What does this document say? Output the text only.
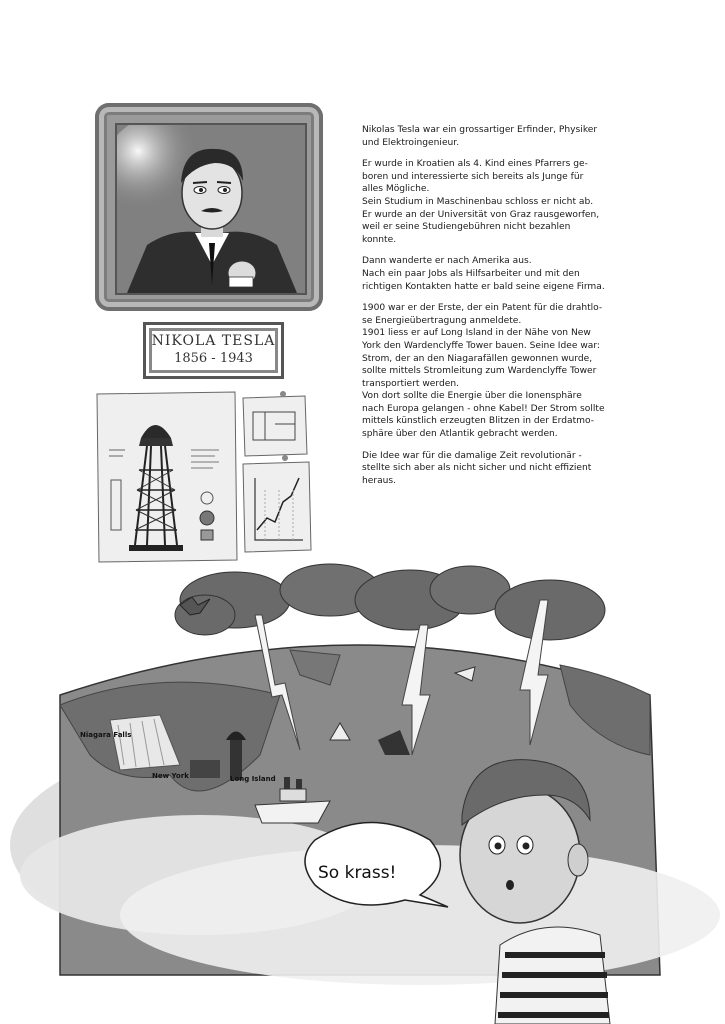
NIKOLA TESLA
1856 - 1943

Nikolas Tesla war ein grossartiger Erfinder, Physiker
und Elektroingenieur.

Er wurde in Kroatien als 4. Kind eines Pfarrers ge-
boren und interessierte sich bereits als Junge für
alles Mögliche.
Sein Studium in Maschinenbau schloss er nicht ab.
Er wurde an der Universität von Graz rausgeworfen,
weil er seine Studiengebühren nicht bezahlen
konnte.

Dann wanderte er nach Amerika aus.
Nach ein paar Jobs als Hilfsarbeiter und mit den
richtigen Kontakten hatte er bald seine eigene Firma.

1900 war er der Erste, der ein Patent für die drahtlo-
se Energieübertragung anmeldete.
1901 liess er auf Long Island in der Nähe von New
York den Wardenclyffe Tower bauen. Seine Idee war:
Strom, der an den Niagarafällen gewonnen wurde,
sollte mittels Stromleitung zum Wardenclyffe Tower
transportiert werden.
Von dort sollte die Energie über die Ionensphäre
nach Europa gelangen - ohne Kabel! Der Strom sollte
mittels künstlich erzeugten Blitzen in der Erdatmo-
sphäre über den Atlantik gebracht werden.

Die Idee war für die damalige Zeit revolutionär -
stellte sich aber als nicht sicher und nicht effizient
heraus.

Niagara Falls
New York	Long Island
So krass!
